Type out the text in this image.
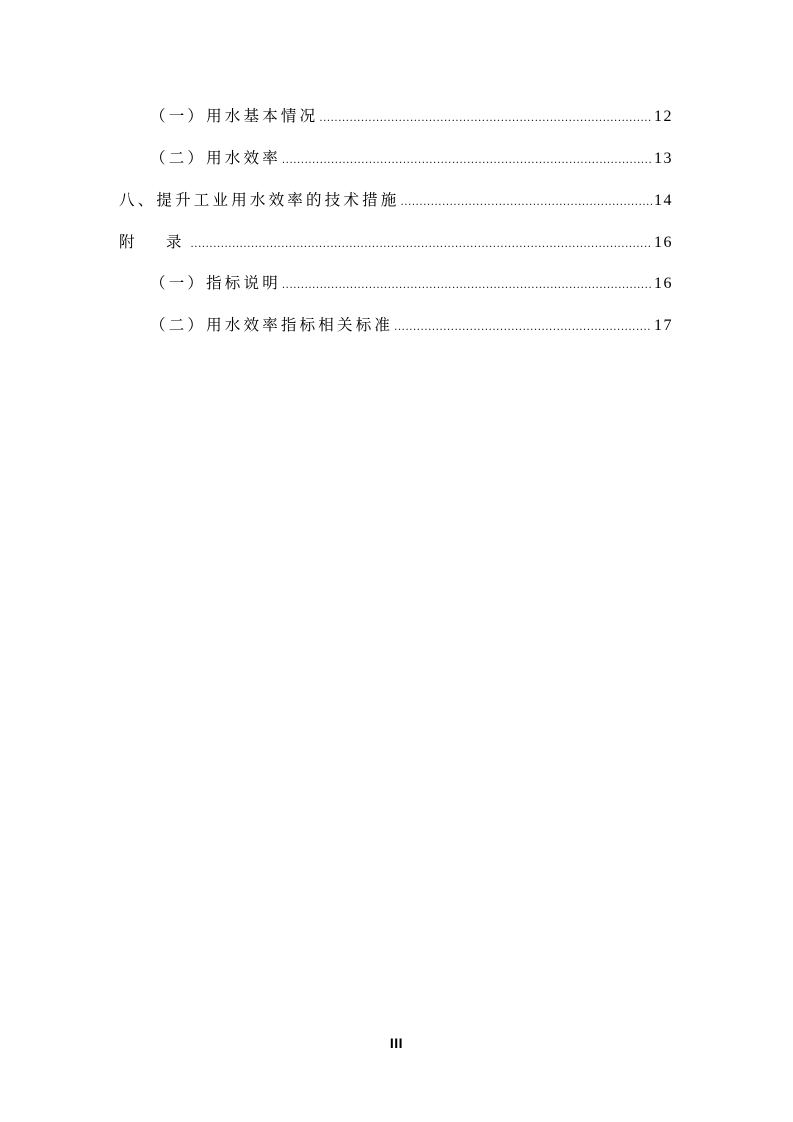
（一）用水基本情况 .....	12
（二）用水效率 .....	13
八、提升工业用水效率的技术措施 .....	14
附　录 .....	16
（一）指标说明 .....	16
（二）用水效率指标相关标准 .....	17
III
